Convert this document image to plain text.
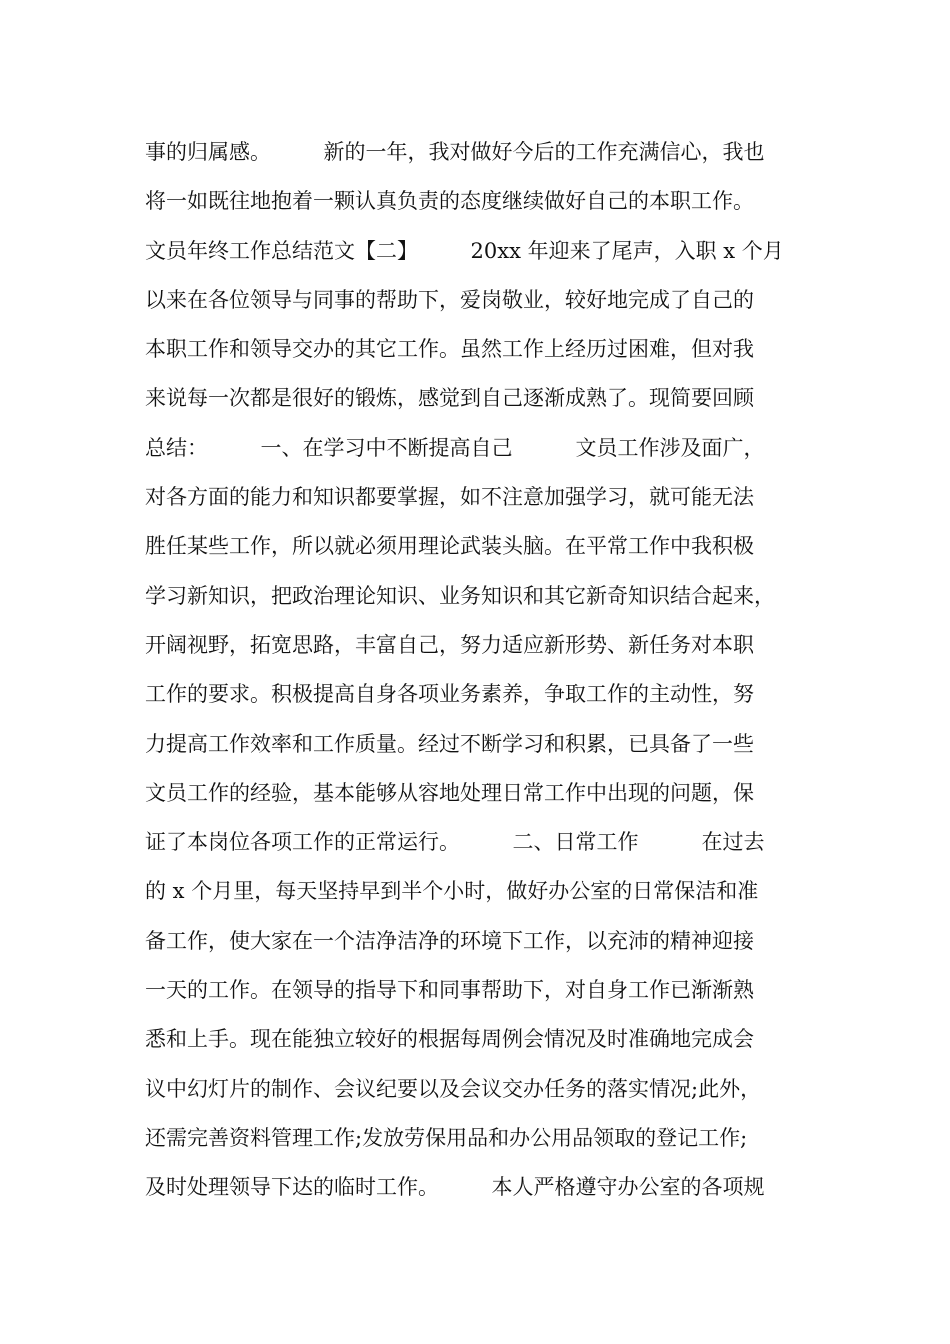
事的归属感。　　　新的一年，我对做好今后的工作充满信心，我也
将一如既往地抱着一颗认真负责的态度继续做好自己的本职工作。
文员年终工作总结范文【二】　　　20xx 年迎来了尾声，入职 x 个月
以来在各位领导与同事的帮助下，爱岗敬业，较好地完成了自己的
本职工作和领导交办的其它工作。虽然工作上经历过困难，但对我
来说每一次都是很好的锻炼，感觉到自己逐渐成熟了。现简要回顾
总结：　　　一、在学习中不断提高自己　　　文员工作涉及面广，
对各方面的能力和知识都要掌握，如不注意加强学习，就可能无法
胜任某些工作，所以就必须用理论武装头脑。在平常工作中我积极
学习新知识，把政治理论知识、业务知识和其它新奇知识结合起来，
开阔视野，拓宽思路，丰富自己，努力适应新形势、新任务对本职
工作的要求。积极提高自身各项业务素养，争取工作的主动性，努
力提高工作效率和工作质量。经过不断学习和积累，已具备了一些
文员工作的经验，基本能够从容地处理日常工作中出现的问题，保
证了本岗位各项工作的正常运行。　　　二、日常工作　　　在过去
的 x 个月里，每天坚持早到半个小时，做好办公室的日常保洁和准
备工作，使大家在一个洁净洁净的环境下工作，以充沛的精神迎接
一天的工作。在领导的指导下和同事帮助下，对自身工作已渐渐熟
悉和上手。现在能独立较好的根据每周例会情况及时准确地完成会
议中幻灯片的制作、会议纪要以及会议交办任务的落实情况;此外，
还需完善资料管理工作;发放劳保用品和办公用品领取的登记工作;
及时处理领导下达的临时工作。　　　本人严格遵守办公室的各项规
